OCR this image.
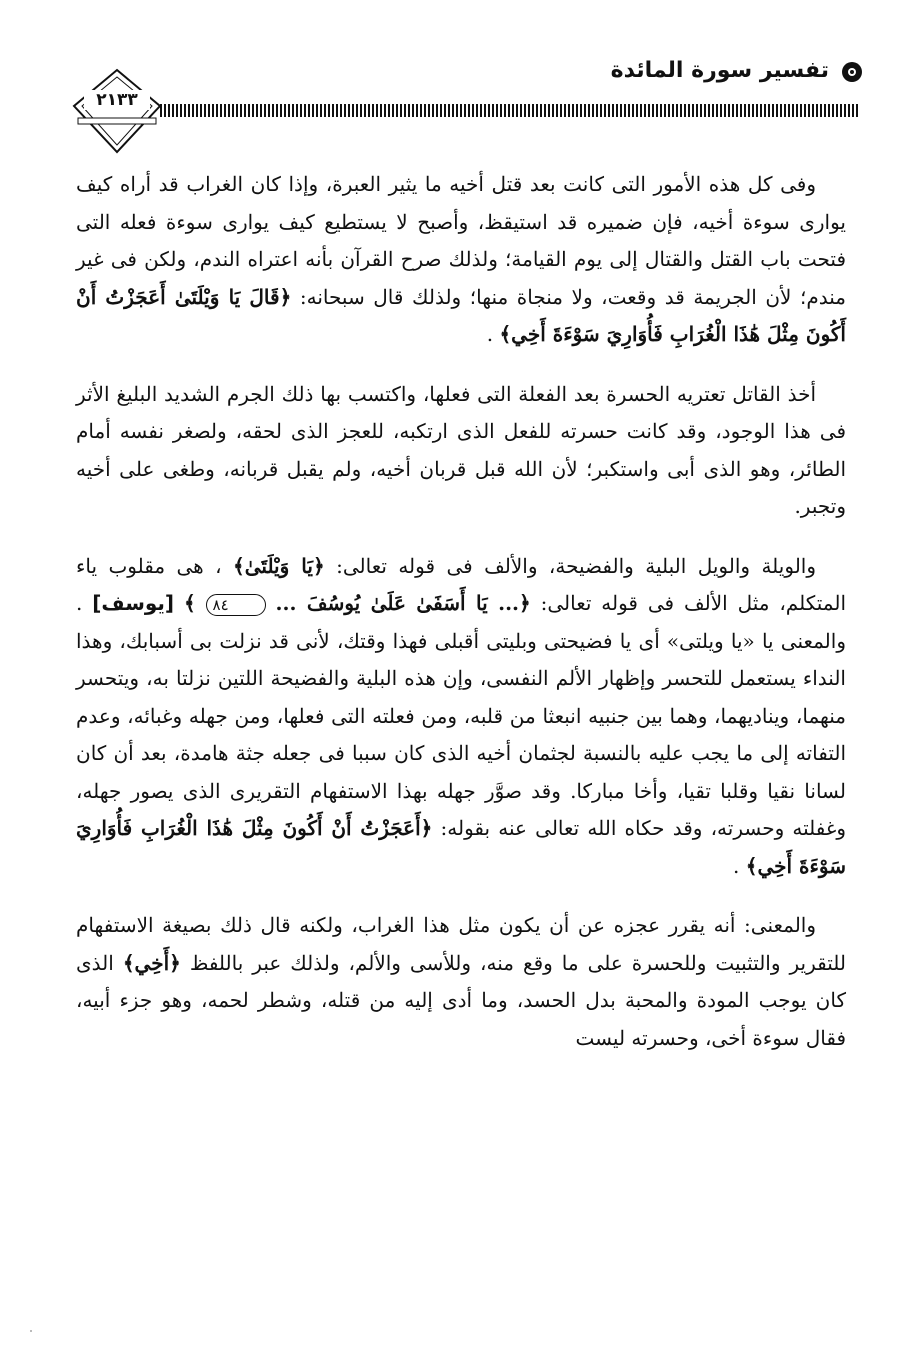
تفسير سورة المائدة
٢١٣٣

وفى كل هذه الأمور التى كانت بعد قتل أخيه ما يثير العبرة، وإذا كان الغراب قد أراه كيف يوارى سوءة أخيه، فإن ضميره قد استيقظ، وأصبح لا يستطيع كيف يوارى سوءة فعله التى فتحت باب القتل والقتال إلى يوم القيامة؛ ولذلك صرح القرآن بأنه اعتراه الندم، ولكن فى غير مندم؛ لأن الجريمة قد وقعت، ولا منجاة منها؛ ولذلك قال سبحانه: ﴿قَالَ يَا وَيْلَتَىٰ أَعَجَزْتُ أَنْ أَكُونَ مِثْلَ هَٰذَا الْغُرَابِ فَأُوَارِيَ سَوْءَةَ أَخِي﴾ .

أخذ القاتل تعتريه الحسرة بعد الفعلة التى فعلها، واكتسب بها ذلك الجرم الشديد البليغ الأثر فى هذا الوجود، وقد كانت حسرته للفعل الذى ارتكبه، للعجز الذى لحقه، ولصغر نفسه أمام الطائر، وهو الذى أبى واستكبر؛ لأن الله قبل قربان أخيه، ولم يقبل قربانه، وطغى على أخيه وتجبر.

والويلة والويل البلية والفضيحة، والألف فى قوله تعالى: ﴿يَا وَيْلَتَىٰ﴾ ، هى مقلوب ياء المتكلم، مثل الألف فى قوله تعالى: ﴿... يَا أَسَفَىٰ عَلَىٰ يُوسُفَ ... ٨٤ ﴾ [يوسف] . والمعنى يا «يا ويلتى» أى يا فضيحتى وبليتى أقبلى فهذا وقتك، لأنى قد نزلت بى أسبابك، وهذا النداء يستعمل للتحسر وإظهار الألم النفسى، وإن هذه البلية والفضيحة اللتين نزلتا به، ويتحسر منهما، ويناديهما، وهما بين جنبيه انبعثا من قلبه، ومن فعلته التى فعلها، ومن جهله وغبائه، وعدم التفاته إلى ما يجب عليه بالنسبة لجثمان أخيه الذى كان سببا فى جعله جثة هامدة، بعد أن كان لسانا نقيا وقلبا تقيا، وأخا مباركا. وقد صوَّر جهله بهذا الاستفهام التقريرى الذى يصور جهله، وغفلته وحسرته، وقد حكاه الله تعالى عنه بقوله: ﴿أَعَجَزْتُ أَنْ أَكُونَ مِثْلَ هَٰذَا الْغُرَابِ فَأُوَارِيَ سَوْءَةَ أَخِي﴾ .

والمعنى: أنه يقرر عجزه عن أن يكون مثل هذا الغراب، ولكنه قال ذلك بصيغة الاستفهام للتقرير والتثبيت وللحسرة على ما وقع منه، وللأسى والألم، ولذلك عبر باللفظ ﴿أَخِي﴾ الذى كان يوجب المودة والمحبة بدل الحسد، وما أدى إليه من قتله، وشطر لحمه، وهو جزء أبيه، فقال سوءة أخى، وحسرته ليست
